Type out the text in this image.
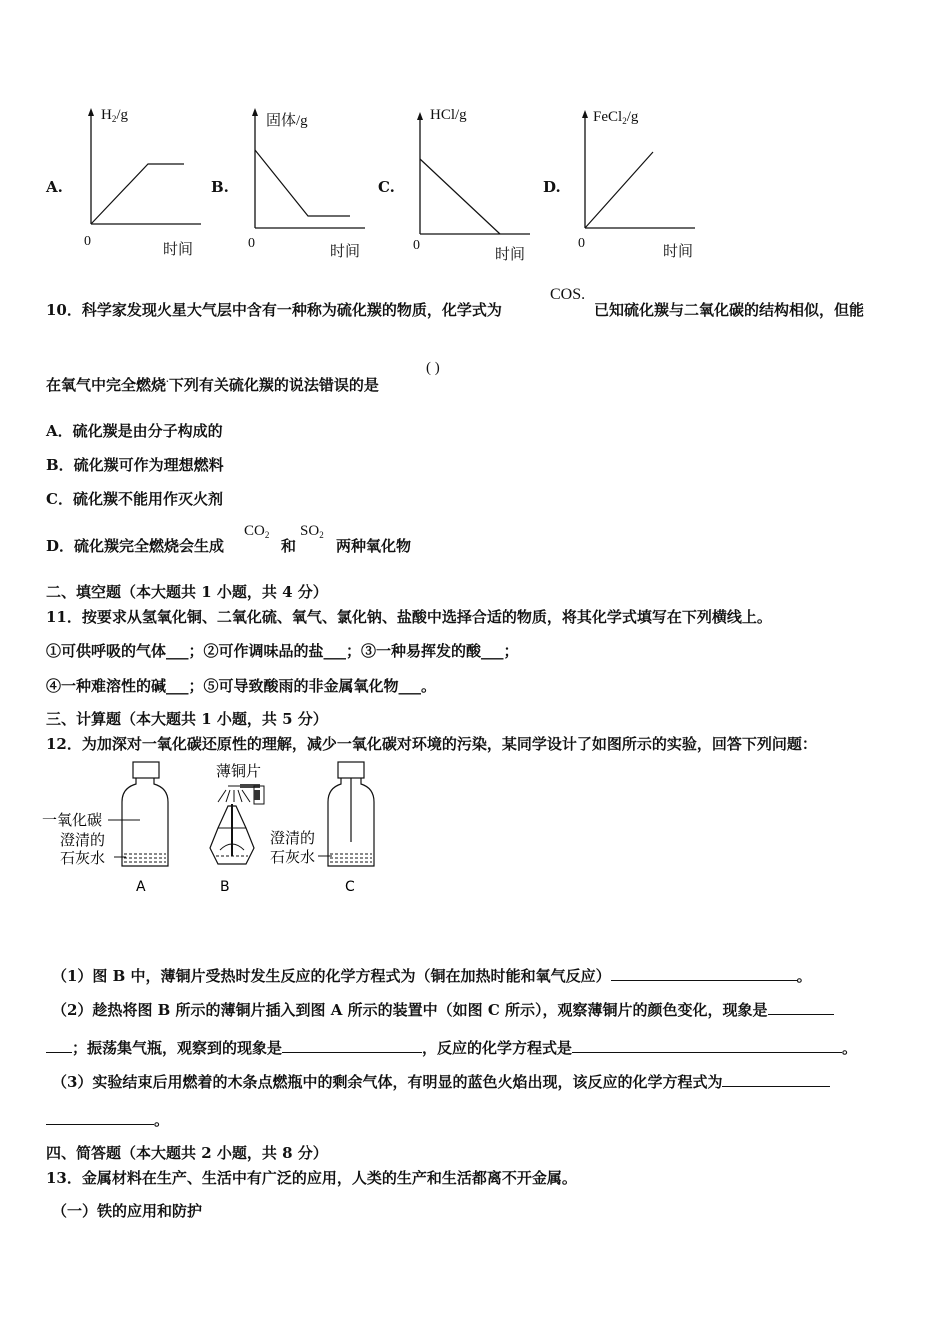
A.
$H_2/g$
0	时间
B.
固体/g
0	时间
C.
HCl/g
0	时间
D.
FeCl$_2$/g
0	时间
10．科学家发现火星大气层中含有一种称为硫化羰的物质，化学式为
COS.
已知硫化羰与二氧化碳的结构相似，但能
在氧气中完全燃烧·下列有关硫化羰的说法错误的是
( )
A．硫化羰是由分子构成的
B．硫化羰可作为理想燃料
C．硫化羰不能用作灭火剂
D．硫化羰完全燃烧会生成
$CO_2$
和
$SO_2$
两种氧化物
二、填空题（本大题共 1 小题，共 4 分）
11．按要求从氢氧化铜、二氧化硫、氧气、氯化钠、盐酸中选择合适的物质，将其化学式填写在下列横线上。
①可供呼吸的气体___；②可作调味品的盐___；③一种易挥发的酸___；
④一种难溶性的碱___；⑤可导致酸雨的非金属氧化物___。
三、计算题（本大题共 1 小题，共 5 分）
12．为加深对一氧化碳还原性的理解，减少一氧化碳对环境的污染，某同学设计了如图所示的实验，回答下列问题：
一氧化碳
澄清的
石灰水
薄铜片
澄清的
石灰水
A	B	C
（1）图 B 中，薄铜片受热时发生反应的化学方程式为（铜在加热时能和氧气反应）	。
（2）趁热将图 B 所示的薄铜片插入到图 A 所示的装置中（如图 C 所示），观察薄铜片的颜色变化，现象是
；振荡集气瓶，观察到的现象是	，反应的化学方程式是	。
（3）实验结束后用燃着的木条点燃瓶中的剩余气体，有明显的蓝色火焰出现，该反应的化学方程式为
。
四、简答题（本大题共 2 小题，共 8 分）
13．金属材料在生产、生活中有广泛的应用，人类的生产和生活都离不开金属。
（一）铁的应用和防护
